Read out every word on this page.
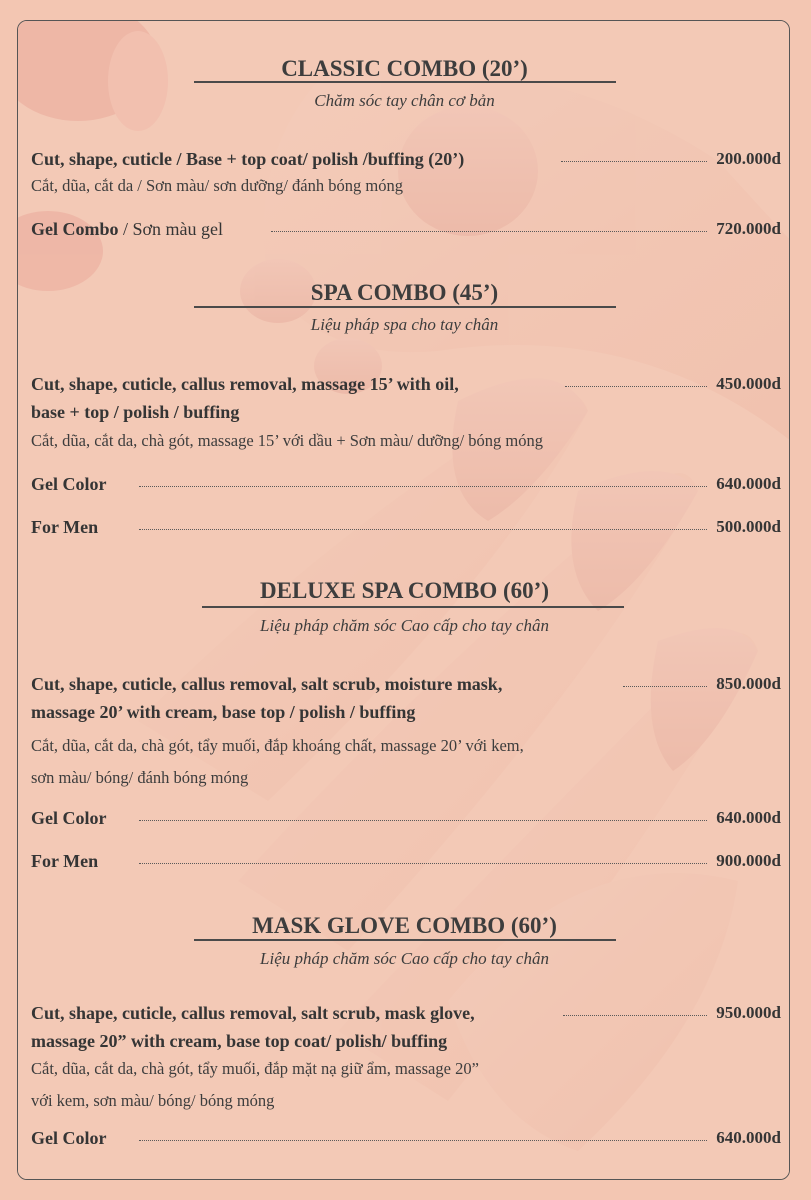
CLASSIC COMBO (20’)
Chăm sóc tay chân cơ bản
Cut, shape, cuticle / Base + top coat/ polish /buffing (20’)	200.000d
Cắt, dũa, cắt da / Sơn màu/ sơn dưỡng/ đánh bóng móng
Gel Combo / Sơn màu gel	720.000d
SPA COMBO (45’)
Liệu pháp spa cho tay chân
Cut, shape, cuticle, callus removal, massage 15’ with oil,	450.000d
base + top / polish / buffing
Cắt, dũa, cắt da, chà gót, massage 15’ với dầu + Sơn màu/ dưỡng/ bóng móng
Gel Color	640.000d
For Men	500.000d
DELUXE SPA COMBO (60’)
Liệu pháp chăm sóc Cao cấp cho tay chân
Cut, shape, cuticle, callus removal, salt scrub, moisture mask,	850.000d
massage 20’ with cream, base top / polish / buffing
Cắt, dũa, cắt da, chà gót, tẩy muối, đắp khoáng chất, massage 20’ với kem,
sơn màu/ bóng/ đánh bóng móng
Gel Color	640.000d
For Men	900.000d
MASK GLOVE COMBO (60’)
Liệu pháp chăm sóc Cao cấp cho tay chân
Cut, shape, cuticle, callus removal, salt scrub, mask glove,	950.000d
massage 20” with cream, base top coat/ polish/ buffing
Cắt, dũa, cắt da, chà gót, tẩy muối, đắp mặt nạ giữ ẩm, massage 20”
với kem, sơn màu/ bóng/ bóng móng
Gel Color	640.000d
